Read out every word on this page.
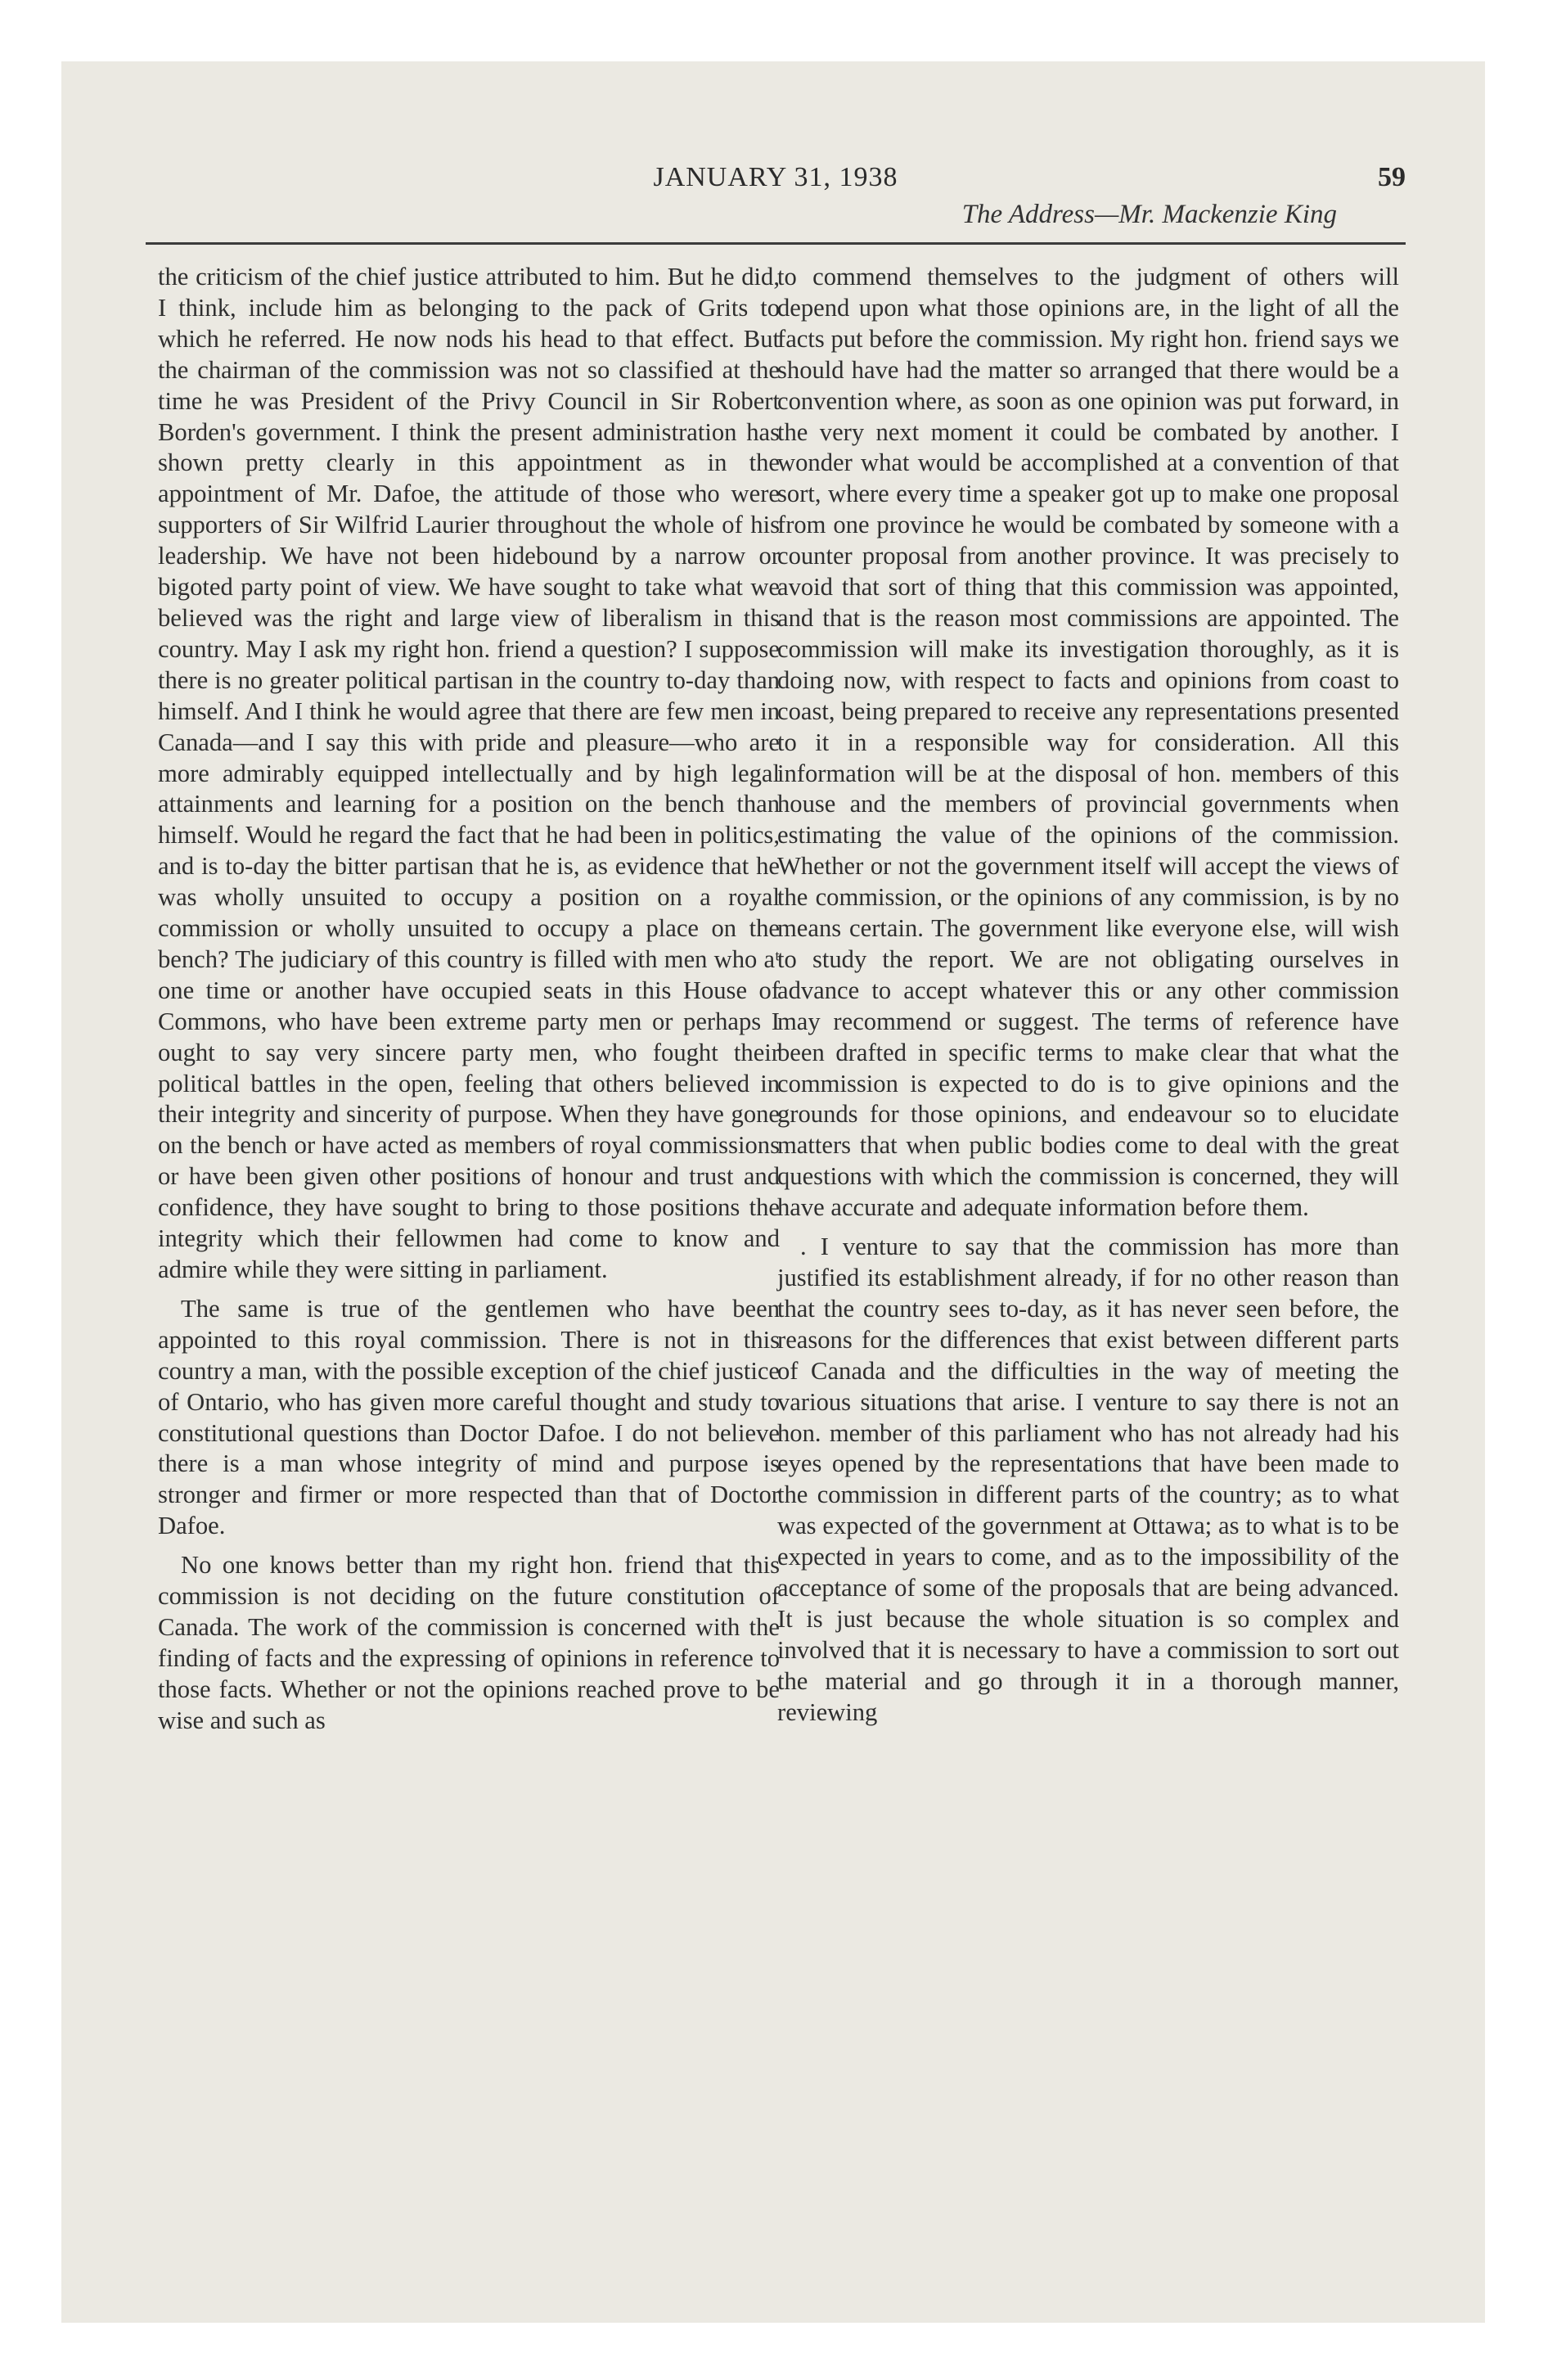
JANUARY 31, 1938	59
The Address—Mr. Mackenzie King

the criticism of the chief justice attributed to him. But he did, I think, include him as belonging to the pack of Grits to which he referred. He now nods his head to that effect. But the chairman of the commission was not so classified at the time he was President of the Privy Council in Sir Robert Borden's government. I think the present administration has shown pretty clearly in this appointment as in the appointment of Mr. Dafoe, the attitude of those who were supporters of Sir Wilfrid Laurier throughout the whole of his leadership. We have not been hidebound by a narrow or bigoted party point of view. We have sought to take what we believed was the right and large view of liberalism in this country. May I ask my right hon. friend a question? I suppose there is no greater political partisan in the country to-day than himself. And I think he would agree that there are few men in Canada—and I say this with pride and pleasure—who are more admirably equipped intellectually and by high legal attainments and learning for a position on the bench than himself. Would he regard the fact that he had been in politics, and is to-day the bitter partisan that he is, as evidence that he was wholly unsuited to occupy a position on a royal commission or wholly unsuited to occupy a place on the bench? The judiciary of this country is filled with men who aᵗ one time or another have occupied seats in this House of Commons, who have been extreme party men or perhaps I ought to say very sincere party men, who fought their political battles in the open, feeling that others believed in their integrity and sincerity of purpose. When they have gone on the bench or have acted as members of royal commissions or have been given other positions of honour and trust and confidence, they have sought to bring to those positions the integrity which their fellowmen had come to know and admire while they were sitting in parliament.

The same is true of the gentlemen who have been appointed to this royal commission. There is not in this country a man, with the possible exception of the chief justice of Ontario, who has given more careful thought and study to constitutional questions than Doctor Dafoe. I do not believe there is a man whose integrity of mind and purpose is stronger and firmer or more respected than that of Doctor Dafoe.

No one knows better than my right hon. friend that this commission is not deciding on the future constitution of Canada. The work of the commission is concerned with the finding of facts and the expressing of opinions in reference to those facts. Whether or not the opinions reached prove to be wise and such as

to commend themselves to the judgment of others will depend upon what those opinions are, in the light of all the facts put before the commission. My right hon. friend says we should have had the matter so arranged that there would be a convention where, as soon as one opinion was put forward, in the very next moment it could be combated by another. I wonder what would be accomplished at a convention of that sort, where every time a speaker got up to make one proposal from one province he would be combated by someone with a counter proposal from another province. It was precisely to avoid that sort of thing that this commission was appointed, and that is the reason most commissions are appointed. The commission will make its investigation thoroughly, as it is doing now, with respect to facts and opinions from coast to coast, being prepared to receive any representations presented to it in a responsible way for consideration. All this information will be at the disposal of hon. members of this house and the members of provincial governments when estimating the value of the opinions of the commission. Whether or not the government itself will accept the views of the commission, or the opinions of any commission, is by no means certain. The government like everyone else, will wish to study the report. We are not obligating ourselves in advance to accept whatever this or any other commission may recommend or suggest. The terms of reference have been drafted in specific terms to make clear that what the commission is expected to do is to give opinions and the grounds for those opinions, and endeavour so to elucidate matters that when public bodies come to deal with the great questions with which the commission is concerned, they will have accurate and adequate information before them.

. I venture to say that the commission has more than justified its establishment already, if for no other reason than that the country sees to-day, as it has never seen before, the reasons for the differences that exist between different parts of Canada and the difficulties in the way of meeting the various situations that arise. I venture to say there is not an hon. member of this parliament who has not already had his eyes opened by the representations that have been made to the commission in different parts of the country; as to what was expected of the government at Ottawa; as to what is to be expected in years to come, and as to the impossibility of the acceptance of some of the proposals that are being advanced. It is just because the whole situation is so complex and involved that it is necessary to have a commission to sort out the material and go through it in a thorough manner, reviewing
